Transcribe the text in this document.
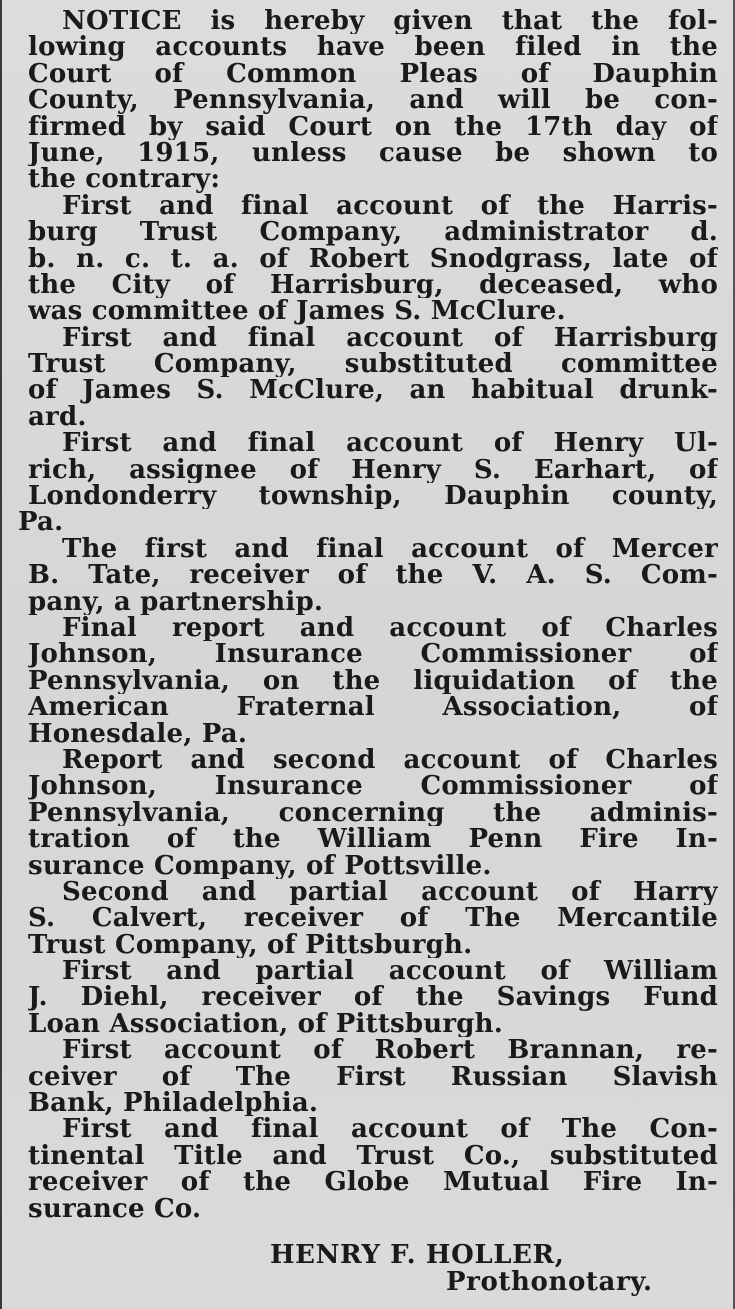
NOTICE is hereby given that the fol-
lowing accounts have been filed in the
Court of Common Pleas of Dauphin
County, Pennsylvania, and will be con-
firmed by said Court on the 17th day of
June, 1915, unless cause be shown to
the contrary:
First and final account of the Harris-
burg Trust Company, administrator d.
b. n. c. t. a. of Robert Snodgrass, late of
the City of Harrisburg, deceased, who
was committee of James S. McClure.
First and final account of Harrisburg
Trust Company, substituted committee
of James S. McClure, an habitual drunk-
ard.
First and final account of Henry Ul-
rich, assignee of Henry S. Earhart, of
Londonderry township, Dauphin county,
Pa.
The first and final account of Mercer
B. Tate, receiver of the V. A. S. Com-
pany, a partnership.
Final report and account of Charles
Johnson, Insurance Commissioner of
Pennsylvania, on the liquidation of the
American Fraternal Association, of
Honesdale, Pa.
Report and second account of Charles
Johnson, Insurance Commissioner of
Pennsylvania, concerning the adminis-
tration of the William Penn Fire In-
surance Company, of Pottsville.
Second and partial account of Harry
S. Calvert, receiver of The Mercantile
Trust Company, of Pittsburgh.
First and partial account of William
J. Diehl, receiver of the Savings Fund
Loan Association, of Pittsburgh.
First account of Robert Brannan, re-
ceiver of The First Russian Slavish
Bank, Philadelphia.
First and final account of The Con-
tinental Title and Trust Co., substituted
receiver of the Globe Mutual Fire In-
surance Co.
HENRY F. HOLLER,
Prothonotary.
